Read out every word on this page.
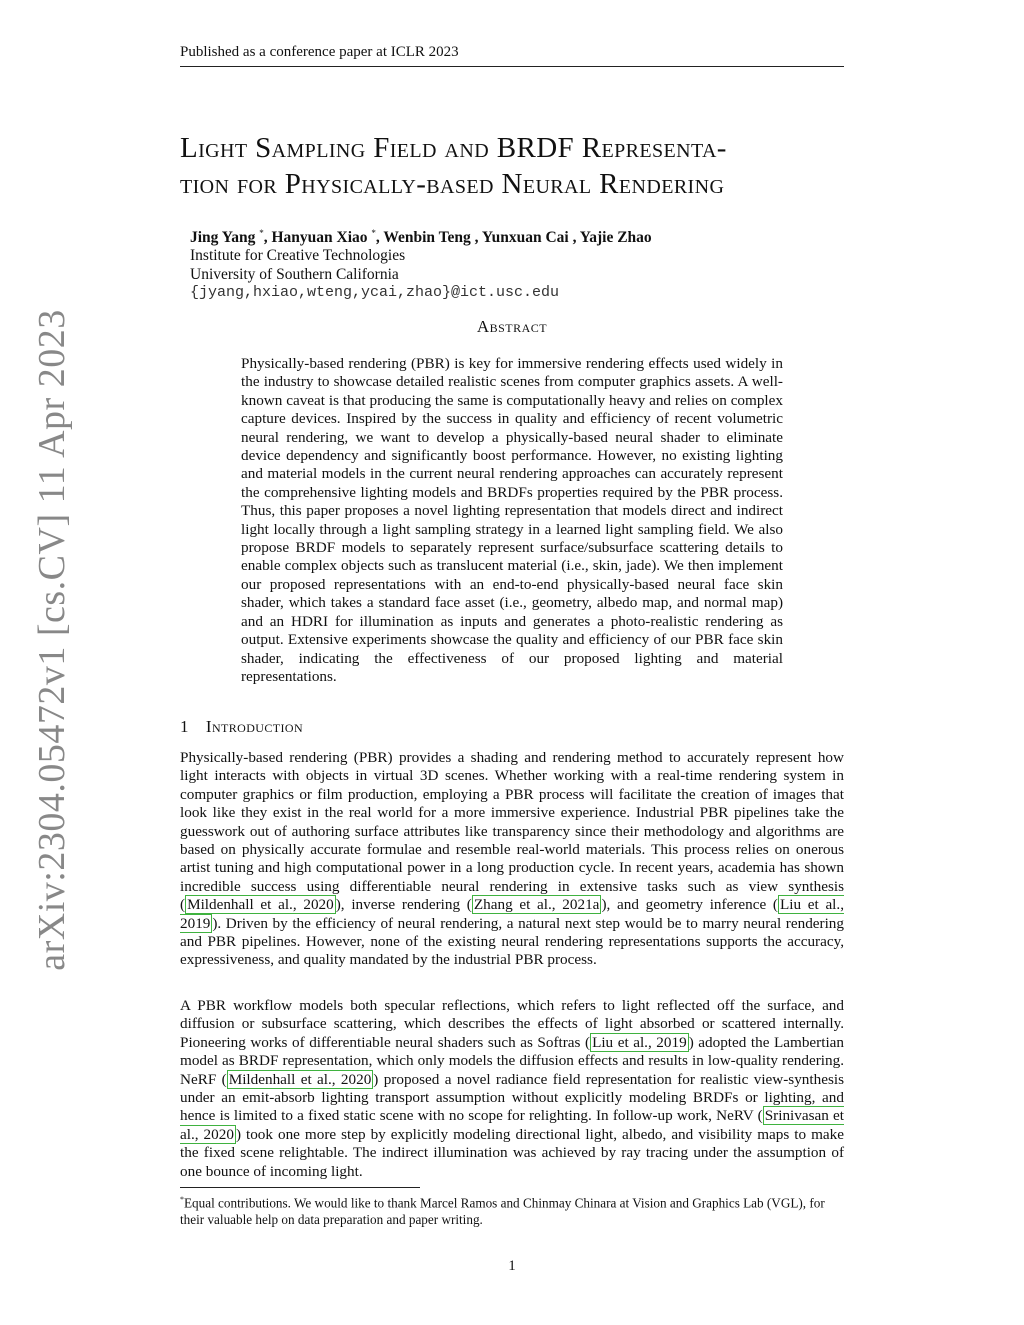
Published as a conference paper at ICLR 2023
Light Sampling Field and BRDF Representa-
tion for Physically-based Neural Rendering
Jing Yang *, Hanyuan Xiao *, Wenbin Teng , Yunxuan Cai , Yajie Zhao
Institute for Creative Technologies
University of Southern California
{jyang,hxiao,wteng,ycai,zhao}@ict.usc.edu
Abstract
Physically-based rendering (PBR) is key for immersive rendering effects used widely in the industry to showcase detailed realistic scenes from computer graphics assets. A well-known caveat is that producing the same is computationally heavy and relies on complex capture devices. Inspired by the success in quality and efficiency of recent volumetric neural rendering, we want to develop a physically-based neural shader to eliminate device dependency and significantly boost performance. However, no existing lighting and material models in the current neural rendering approaches can accurately represent the comprehensive lighting models and BRDFs properties required by the PBR process. Thus, this paper proposes a novel lighting representation that models direct and indirect light locally through a light sampling strategy in a learned light sampling field. We also propose BRDF models to separately represent surface/subsurface scattering details to enable complex objects such as translucent material (i.e., skin, jade). We then implement our proposed representations with an end-to-end physically-based neural face skin shader, which takes a standard face asset (i.e., geometry, albedo map, and normal map) and an HDRI for illumination as inputs and generates a photo-realistic rendering as output. Extensive experiments showcase the quality and efficiency of our PBR face skin shader, indicating the effectiveness of our proposed lighting and material representations.
1 Introduction
Physically-based rendering (PBR) provides a shading and rendering method to accurately represent how light interacts with objects in virtual 3D scenes. Whether working with a real-time rendering system in computer graphics or film production, employing a PBR process will facilitate the creation of images that look like they exist in the real world for a more immersive experience. Industrial PBR pipelines take the guesswork out of authoring surface attributes like transparency since their methodology and algorithms are based on physically accurate formulae and resemble real-world materials. This process relies on onerous artist tuning and high computational power in a long production cycle. In recent years, academia has shown incredible success using differentiable neural rendering in extensive tasks such as view synthesis ( Mildenhall et al., 2020 ), inverse rendering ( Zhang et al., 2021a ), and geometry inference ( Liu et al., 2019 ). Driven by the efficiency of neural rendering, a natural next step would be to marry neural rendering and PBR pipelines. However, none of the existing neural rendering representations supports the accuracy, expressiveness, and quality mandated by the industrial PBR process.
A PBR workflow models both specular reflections, which refers to light reflected off the surface, and diffusion or subsurface scattering, which describes the effects of light absorbed or scattered internally. Pioneering works of differentiable neural shaders such as Softras ( Liu et al., 2019 ) adopted the Lambertian model as BRDF representation, which only models the diffusion effects and results in low-quality rendering. NeRF ( Mildenhall et al., 2020 ) proposed a novel radiance field representation for realistic view-synthesis under an emit-absorb lighting transport assumption without explicitly modeling BRDFs or lighting, and hence is limited to a fixed static scene with no scope for relighting. In follow-up work, NeRV ( Srinivasan et al., 2020 ) took one more step by explicitly modeling directional light, albedo, and visibility maps to make the fixed scene relightable. The indirect illumination was achieved by ray tracing under the assumption of one bounce of incoming light.
*Equal contributions. We would like to thank Marcel Ramos and Chinmay Chinara at Vision and Graphics Lab (VGL), for their valuable help on data preparation and paper writing.
1
arXiv:2304.05472v1 [cs.CV] 11 Apr 2023
